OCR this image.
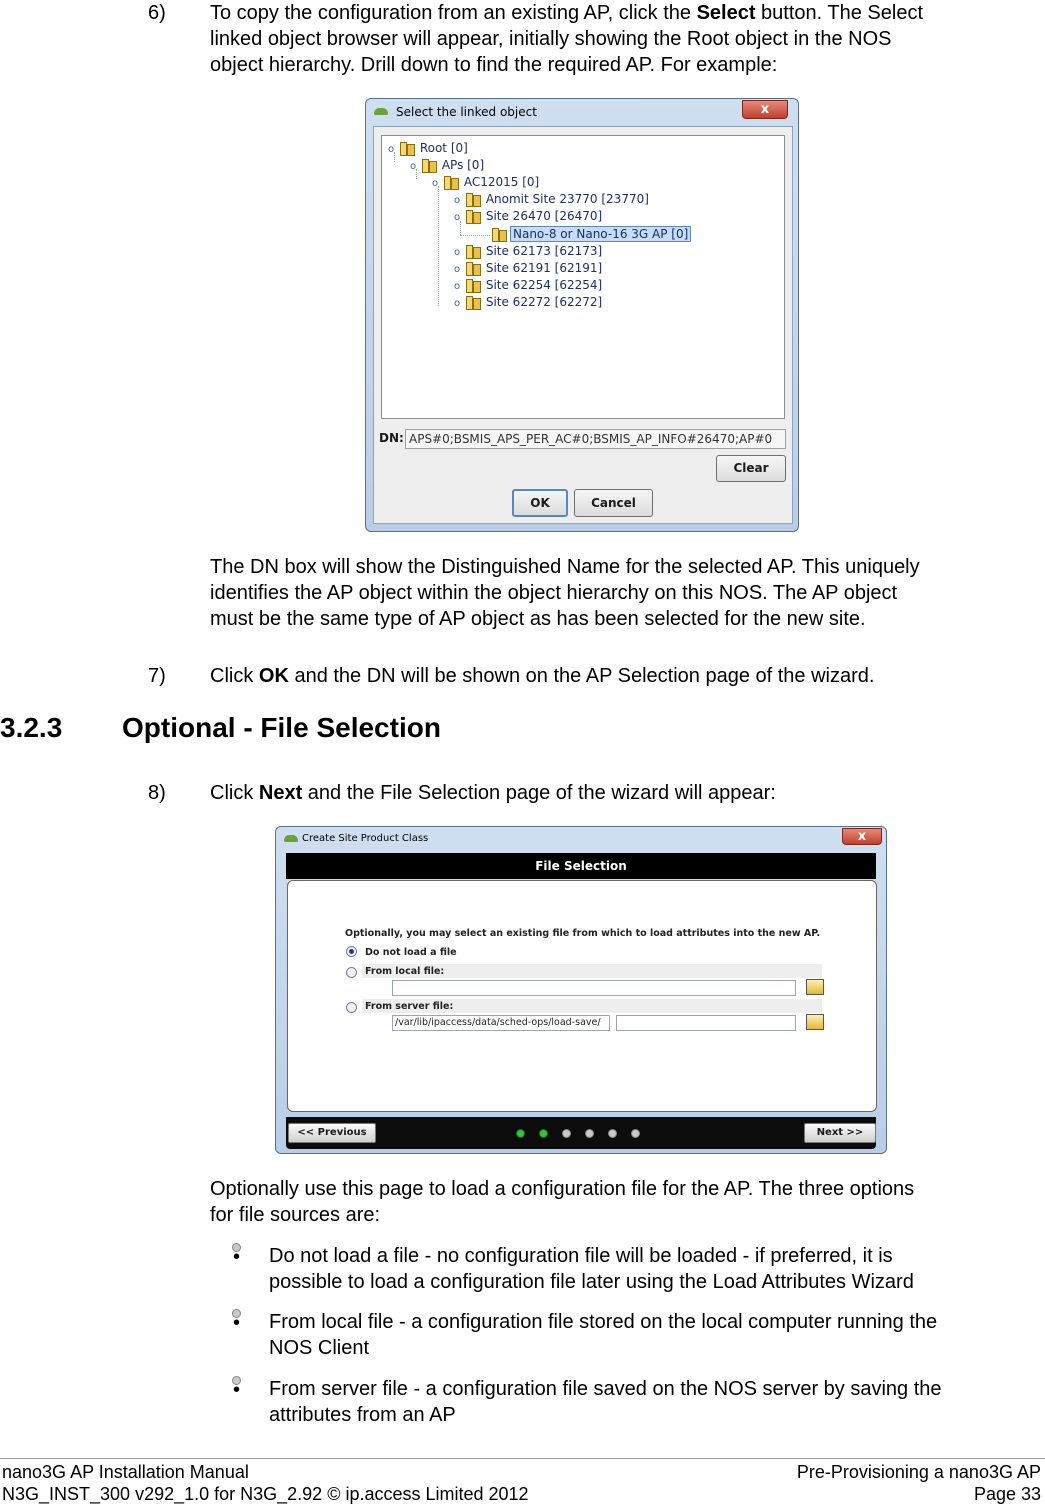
6) To copy the configuration from an existing AP, click the Select button. The Select
linked object browser will appear, initially showing the Root object in the NOS
object hierarchy. Drill down to find the required AP. For example:
Select the linked object	x
o Root [0]
o APs [0]
o AC12015 [0]
o Anomit Site 23770 [23770]
o Site 26470 [26470]
Nano-8 or Nano-16 3G AP [0]
o Site 62173 [62173]
o Site 62191 [62191]
o Site 62254 [62254]
o Site 62272 [62272]
DN: APS#0;BSMIS_APS_PER_AC#0;BSMIS_AP_INFO#26470;AP#0
Clear
OK	Cancel
The DN box will show the Distinguished Name for the selected AP. This uniquely
identifies the AP object within the object hierarchy on this NOS. The AP object
must be the same type of AP object as has been selected for the new site.
7) Click OK and the DN will be shown on the AP Selection page of the wizard.
3.2.3 Optional - File Selection
8) Click Next and the File Selection page of the wizard will appear:
Create Site Product Class	x
File Selection
Optionally, you may select an existing file from which to load attributes into the new AP.
Do not load a file
From local file:
From server file:
/var/lib/ipaccess/data/sched-ops/load-save/
<< Previous	Next >>
Optionally use this page to load a configuration file for the AP. The three options
for file sources are:
• Do not load a file - no configuration file will be loaded - if preferred, it is
possible to load a configuration file later using the Load Attributes Wizard
• From local file - a configuration file stored on the local computer running the
NOS Client
• From server file - a configuration file saved on the NOS server by saving the
attributes from an AP
nano3G AP Installation Manual
N3G_INST_300 v292_1.0 for N3G_2.92 © ip.access Limited 2012
Pre-Provisioning a nano3G AP
Page 33
